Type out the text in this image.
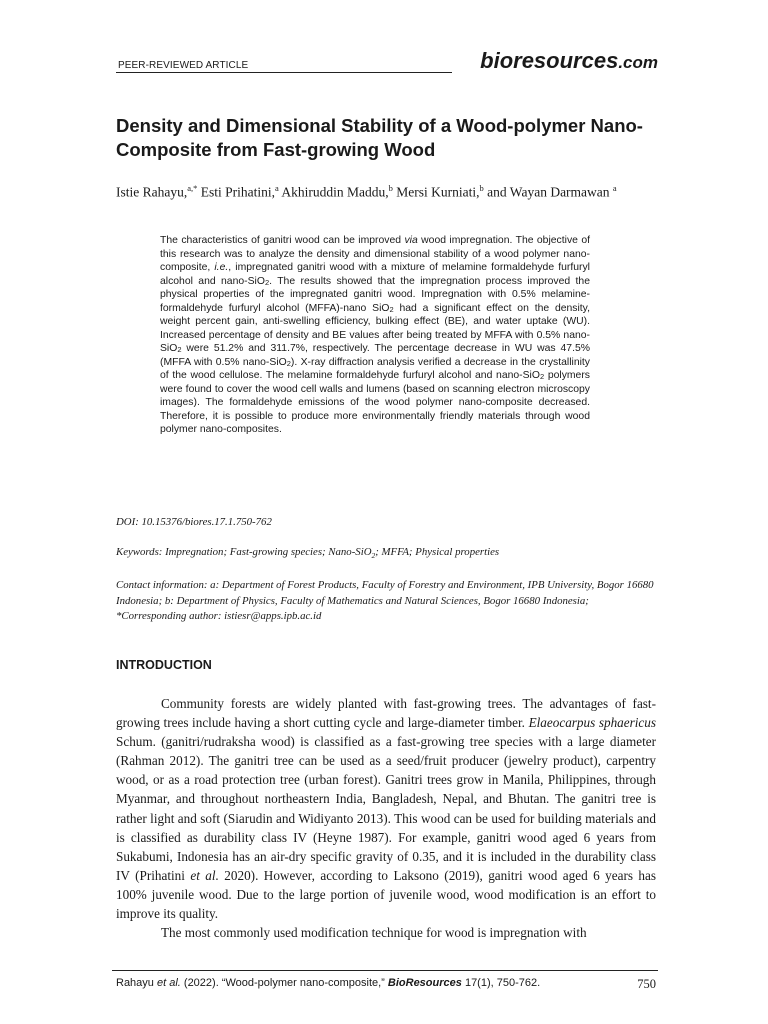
PEER-REVIEWED ARTICLE	bioresources.com
Density and Dimensional Stability of a Wood-polymer Nano-Composite from Fast-growing Wood
Istie Rahayu,$^{a,*}$ Esti Prihatini,$^a$ Akhiruddin Maddu,$^b$ Mersi Kurniati,$^b$ and Wayan Darmawan $^a$
The characteristics of ganitri wood can be improved via wood impregnation. The objective of this research was to analyze the density and dimensional stability of a wood polymer nano-composite, i.e., impregnated ganitri wood with a mixture of melamine formaldehyde furfuryl alcohol and nano-SiO$_2$. The results showed that the impregnation process improved the physical properties of the impregnated ganitri wood. Impregnation with 0.5% melamine-formaldehyde furfuryl alcohol (MFFA)-nano SiO$_2$ had a significant effect on the density, weight percent gain, anti-swelling efficiency, bulking effect (BE), and water uptake (WU). Increased percentage of density and BE values after being treated by MFFA with 0.5% nano-SiO$_2$ were 51.2% and 311.7%, respectively. The percentage decrease in WU was 47.5% (MFFA with 0.5% nano-SiO$_2$). X-ray diffraction analysis verified a decrease in the crystallinity of the wood cellulose. The melamine formaldehyde furfuryl alcohol and nano-SiO$_2$ polymers were found to cover the wood cell walls and lumens (based on scanning electron microscopy images). The formaldehyde emissions of the wood polymer nano-composite decreased. Therefore, it is possible to produce more environmentally friendly materials through wood polymer nano-composites.
DOI: 10.15376/biores.17.1.750-762
Keywords: Impregnation; Fast-growing species; Nano-SiO$_2$; MFFA; Physical properties
Contact information: a: Department of Forest Products, Faculty of Forestry and Environment, IPB University, Bogor 16680 Indonesia; b: Department of Physics, Faculty of Mathematics and Natural Sciences, Bogor 16680 Indonesia; *Corresponding author: istiesr@apps.ipb.ac.id
INTRODUCTION

Community forests are widely planted with fast-growing trees. The advantages of fast-growing trees include having a short cutting cycle and large-diameter timber. Elaeocarpus sphaericus Schum. (ganitri/rudraksha wood) is classified as a fast-growing tree species with a large diameter (Rahman 2012). The ganitri tree can be used as a seed/fruit producer (jewelry product), carpentry wood, or as a road protection tree (urban forest). Ganitri trees grow in Manila, Philippines, through Myanmar, and throughout northeastern India, Bangladesh, Nepal, and Bhutan. The ganitri tree is rather light and soft (Siarudin and Widiyanto 2013). This wood can be used for building materials and is classified as durability class IV (Heyne 1987). For example, ganitri wood aged 6 years from Sukabumi, Indonesia has an air-dry specific gravity of 0.35, and it is included in the durability class IV (Prihatini et al. 2020). However, according to Laksono (2019), ganitri wood aged 6 years has 100% juvenile wood. Due to the large portion of juvenile wood, wood modification is an effort to improve its quality.

The most commonly used modification technique for wood is impregnation with

Rahayu et al. (2022). “Wood-polymer nano-composite,” BioResources 17(1), 750-762.	750
